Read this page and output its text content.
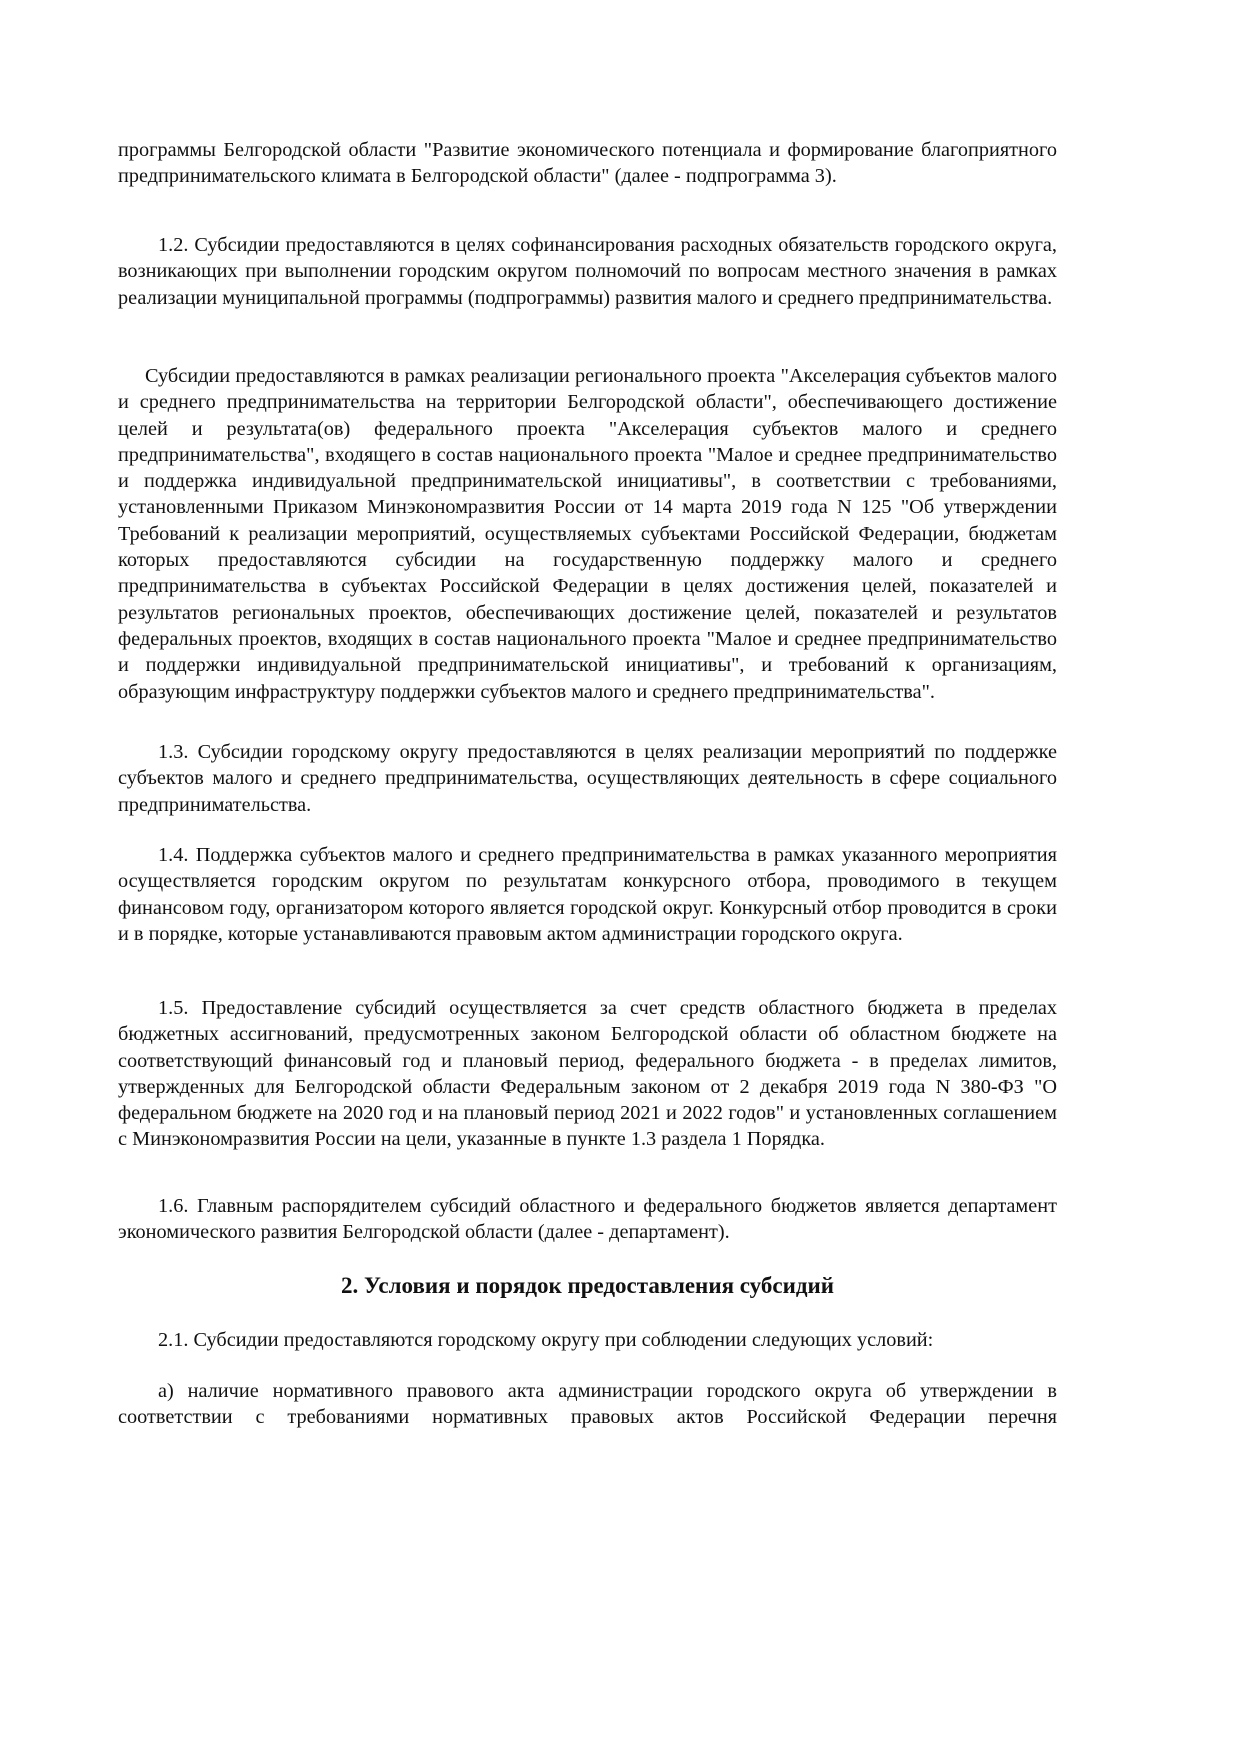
программы Белгородской области "Развитие экономического потенциала и формирование благоприятного предпринимательского климата в Белгородской области" (далее - подпрограмма 3).

1.2. Субсидии предоставляются в целях софинансирования расходных обязательств городского округа, возникающих при выполнении городским округом полномочий по вопросам местного значения в рамках реализации муниципальной программы (подпрограммы) развития малого и среднего предпринимательства.

Субсидии предоставляются в рамках реализации регионального проекта "Акселерация субъектов малого и среднего предпринимательства на территории Белгородской области", обеспечивающего достижение целей и результата(ов) федерального проекта "Акселерация субъектов малого и среднего предпринимательства", входящего в состав национального проекта "Малое и среднее предпринимательство и поддержка индивидуальной предпринимательской инициативы", в соответствии с требованиями, установленными Приказом Минэкономразвития России от 14 марта 2019 года N 125 "Об утверждении Требований к реализации мероприятий, осуществляемых субъектами Российской Федерации, бюджетам которых предоставляются субсидии на государственную поддержку малого и среднего предпринимательства в субъектах Российской Федерации в целях достижения целей, показателей и результатов региональных проектов, обеспечивающих достижение целей, показателей и результатов федеральных проектов, входящих в состав национального проекта "Малое и среднее предпринимательство и поддержки индивидуальной предпринимательской инициативы", и требований к организациям, образующим инфраструктуру поддержки субъектов малого и среднего предпринимательства".

1.3. Субсидии городскому округу предоставляются в целях реализации мероприятий по поддержке субъектов малого и среднего предпринимательства, осуществляющих деятельность в сфере социального предпринимательства.

1.4. Поддержка субъектов малого и среднего предпринимательства в рамках указанного мероприятия осуществляется городским округом по результатам конкурсного отбора, проводимого в текущем финансовом году, организатором которого является городской округ. Конкурсный отбор проводится в сроки и в порядке, которые устанавливаются правовым актом администрации городского округа.

1.5. Предоставление субсидий осуществляется за счет средств областного бюджета в пределах бюджетных ассигнований, предусмотренных законом Белгородской области об областном бюджете на соответствующий финансовый год и плановый период, федерального бюджета - в пределах лимитов, утвержденных для Белгородской области Федеральным законом от 2 декабря 2019 года N 380-ФЗ "О федеральном бюджете на 2020 год и на плановый период 2021 и 2022 годов" и установленных соглашением с Минэкономразвития России на цели, указанные в пункте 1.3 раздела 1 Порядка.

1.6. Главным распорядителем субсидий областного и федерального бюджетов является департамент экономического развития Белгородской области (далее - департамент).

2. Условия и порядок предоставления субсидий

2.1. Субсидии предоставляются городскому округу при соблюдении следующих условий:

а) наличие нормативного правового акта администрации городского округа об утверждении в соответствии с требованиями нормативных правовых актов Российской Федерации перечня
